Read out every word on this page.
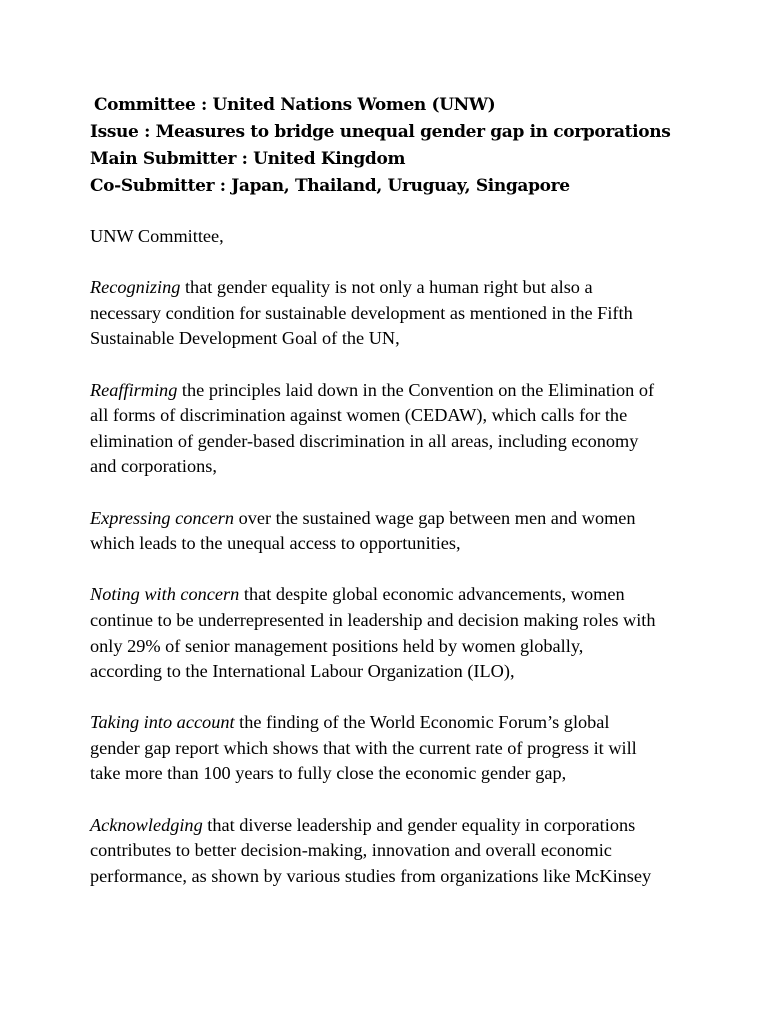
Committee : United Nations Women (UNW)
Issue : Measures to bridge unequal gender gap in corporations
Main Submitter : United Kingdom
Co-Submitter : Japan, Thailand, Uruguay, Singapore

UNW Committee,

Recognizing that gender equality is not only a human right but also a
necessary condition for sustainable development as mentioned in the Fifth
Sustainable Development Goal of the UN,

Reaffirming the principles laid down in the Convention on the Elimination of
all forms of discrimination against women (CEDAW), which calls for the
elimination of gender-based discrimination in all areas, including economy
and corporations,

Expressing concern over the sustained wage gap between men and women
which leads to the unequal access to opportunities,

Noting with concern that despite global economic advancements, women
continue to be underrepresented in leadership and decision making roles with
only 29% of senior management positions held by women globally,
according to the International Labour Organization (ILO),

Taking into account the finding of the World Economic Forum’s global
gender gap report which shows that with the current rate of progress it will
take more than 100 years to fully close the economic gender gap,

Acknowledging that diverse leadership and gender equality in corporations
contributes to better decision-making, innovation and overall economic
performance, as shown by various studies from organizations like McKinsey
